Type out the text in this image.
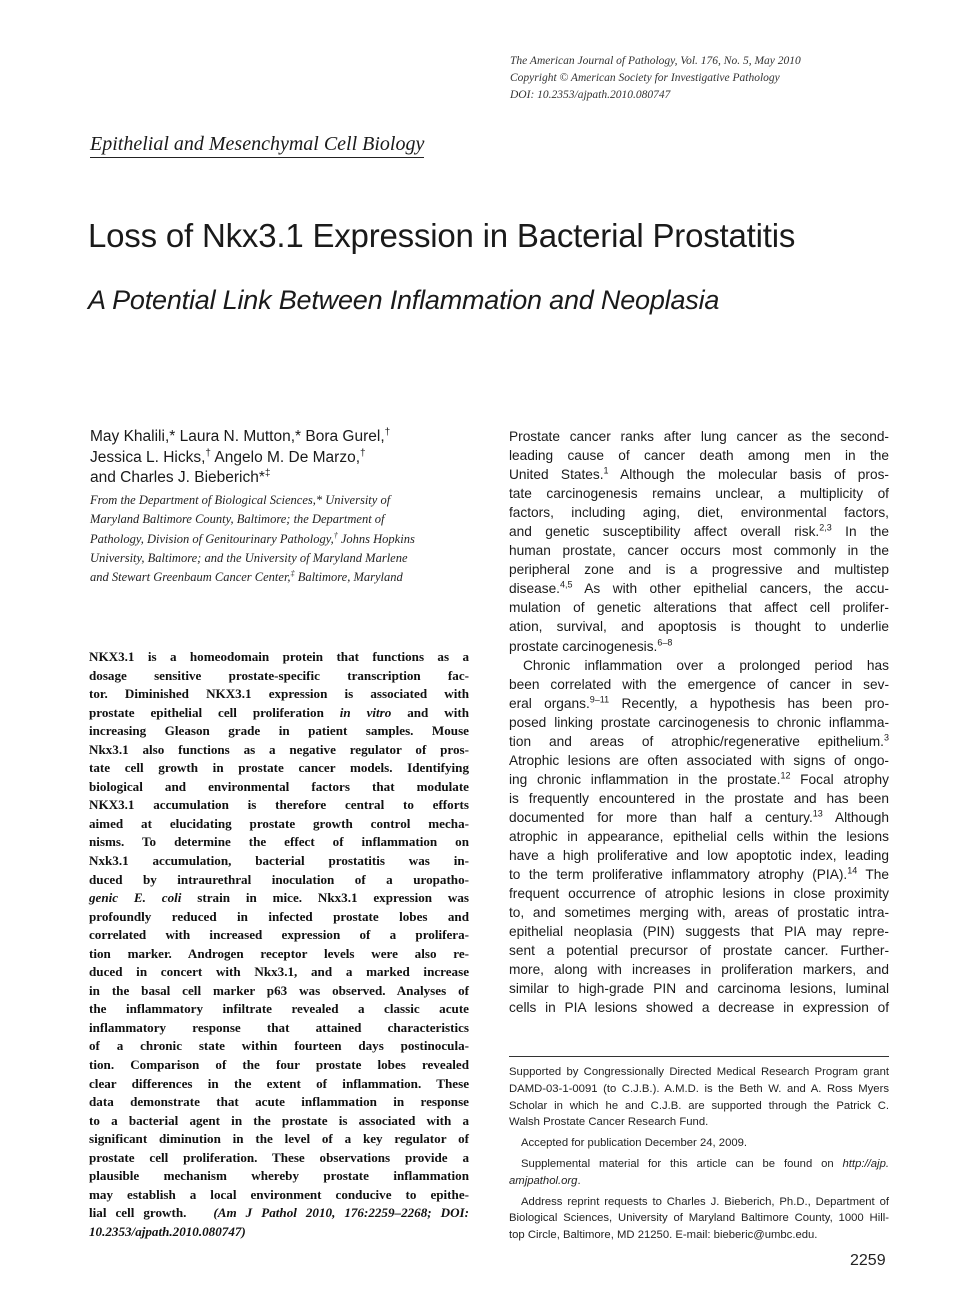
The American Journal of Pathology, Vol. 176, No. 5, May 2010
Copyright © American Society for Investigative Pathology
DOI: 10.2353/ajpath.2010.080747
Epithelial and Mesenchymal Cell Biology
Loss of Nkx3.1 Expression in Bacterial Prostatitis
A Potential Link Between Inflammation and Neoplasia
May Khalili,* Laura N. Mutton,* Bora Gurel,†
Jessica L. Hicks,† Angelo M. De Marzo,†
and Charles J. Bieberich*‡
From the Department of Biological Sciences,* University of
Maryland Baltimore County, Baltimore; the Department of
Pathology, Division of Genitourinary Pathology,† Johns Hopkins
University, Baltimore; and the University of Maryland Marlene
and Stewart Greenbaum Cancer Center,‡ Baltimore, Maryland
NKX3.1 is a homeodomain protein that functions as a
dosage sensitive prostate-specific transcription fac-
tor. Diminished NKX3.1 expression is associated with
prostate epithelial cell proliferation in vitro and with
increasing Gleason grade in patient samples. Mouse
Nkx3.1 also functions as a negative regulator of pros-
tate cell growth in prostate cancer models. Identifying
biological and environmental factors that modulate
NKX3.1 accumulation is therefore central to efforts
aimed at elucidating prostate growth control mecha-
nisms. To determine the effect of inflammation on
Nxk3.1 accumulation, bacterial prostatitis was in-
duced by intraurethral inoculation of a uropatho-
genic E. coli strain in mice. Nkx3.1 expression was
profoundly reduced in infected prostate lobes and
correlated with increased expression of a prolifera-
tion marker. Androgen receptor levels were also re-
duced in concert with Nkx3.1, and a marked increase
in the basal cell marker p63 was observed. Analyses of
the inflammatory infiltrate revealed a classic acute
inflammatory response that attained characteristics
of a chronic state within fourteen days postinocula-
tion. Comparison of the four prostate lobes revealed
clear differences in the extent of inflammation. These
data demonstrate that acute inflammation in response
to a bacterial agent in the prostate is associated with a
significant diminution in the level of a key regulator of
prostate cell proliferation. These observations provide a
plausible mechanism whereby prostate inflammation
may establish a local environment conducive to epithe-
lial cell growth. (Am J Pathol 2010, 176:2259–2268; DOI:
10.2353/ajpath.2010.080747)
Prostate cancer ranks after lung cancer as the second-
leading cause of cancer death among men in the
United States.$^1$ Although the molecular basis of pros-
tate carcinogenesis remains unclear, a multiplicity of
factors, including aging, diet, environmental factors,
and genetic susceptibility affect overall risk.$^{2,3}$ In the
human prostate, cancer occurs most commonly in the
peripheral zone and is a progressive and multistep
disease.$^{4,5}$ As with other epithelial cancers, the accu-
mulation of genetic alterations that affect cell prolifer-
ation, survival, and apoptosis is thought to underlie
prostate carcinogenesis.$^{6-8}$
Chronic inflammation over a prolonged period has
been correlated with the emergence of cancer in sev-
eral organs.$^{9-11}$ Recently, a hypothesis has been pro-
posed linking prostate carcinogenesis to chronic inflamma-
tion and areas of atrophic/regenerative epithelium.$^3$
Atrophic lesions are often associated with signs of ongo-
ing chronic inflammation in the prostate.$^{12}$ Focal atrophy
is frequently encountered in the prostate and has been
documented for more than half a century.$^{13}$ Although
atrophic in appearance, epithelial cells within the lesions
have a high proliferative and low apoptotic index, leading
to the term proliferative inflammatory atrophy (PIA).$^{14}$ The
frequent occurrence of atrophic lesions in close proximity
to, and sometimes merging with, areas of prostatic intra-
epithelial neoplasia (PIN) suggests that PIA may repre-
sent a potential precursor of prostate cancer. Further-
more, along with increases in proliferation markers, and
similar to high-grade PIN and carcinoma lesions, luminal
cells in PIA lesions showed a decrease in expression of
Supported by Congressionally Directed Medical Research Program grant
DAMD-03-1-0091 (to C.J.B.). A.M.D. is the Beth W. and A. Ross Myers
Scholar in which he and C.J.B. are supported through the Patrick C.
Walsh Prostate Cancer Research Fund.
Accepted for publication December 24, 2009.
Supplemental material for this article can be found on http://ajp.
amjpathol.org.
Address reprint requests to Charles J. Bieberich, Ph.D., Department of
Biological Sciences, University of Maryland Baltimore County, 1000 Hill-
top Circle, Baltimore, MD 21250. E-mail: bieberic@umbc.edu.
2259
